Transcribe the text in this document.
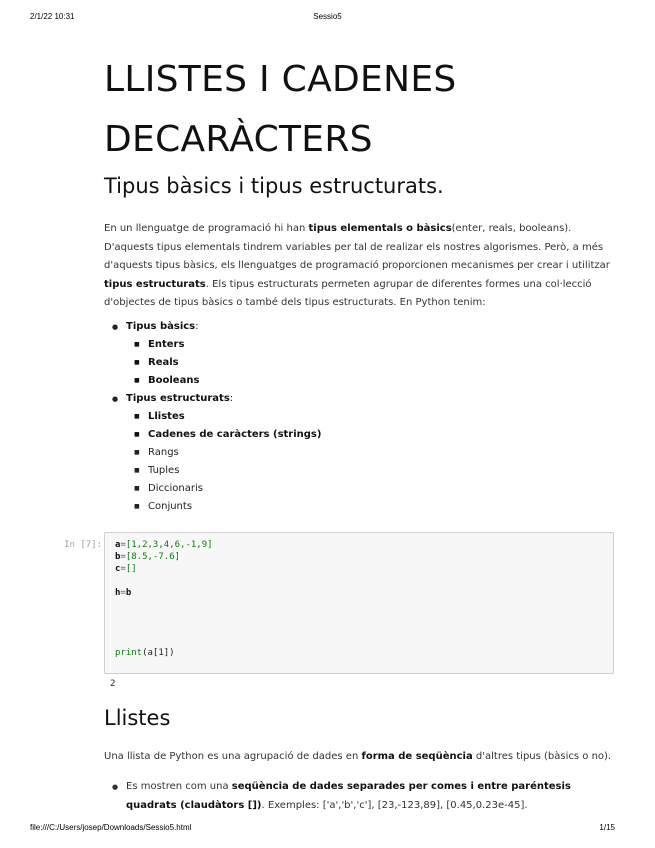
2/1/22 10:31	Sessio5
LLISTES I CADENES
DECARÀCTERS
Tipus bàsics i tipus estructurats.

En un llenguatge de programació hi han tipus elementals o bàsics(enter, reals, booleans). D'aquests tipus elementals tindrem variables per tal de realizar els nostres algorismes. Però, a més d'aquests tipus bàsics, els llenguatges de programació proporcionen mecanismes per crear i utilitzar tipus estructurats. Els tipus estructurats permeten agrupar de diferentes formes una col·lecció d'objectes de tipus bàsics o també dels tipus estructurats. En Python tenim:

● Tipus bàsics:
■ Enters
■ Reals
■ Booleans
● Tipus estructurats:
■ Llistes
■ Cadenes de caràcters (strings)
■ Rangs
■ Tuples
■ Diccionaris
■ Conjunts
In [7]: a=[1,2,3,4,6,-1,9]
b=[8.5,-7.6]
c=[]
h=b
print(a[1])
2
Llistes

Una llista de Python es una agrupació de dades en forma de seqüència d'altres tipus (bàsics o no).

● Es mostren com una seqüència de dades separades per comes i entre paréntesis quadrats (claudàtors []). Exemples: ['a','b','c'], [23,-123,89], [0.45,0.23e-45].
file:///C:/Users/josep/Downloads/Sessio5.html	1/15
